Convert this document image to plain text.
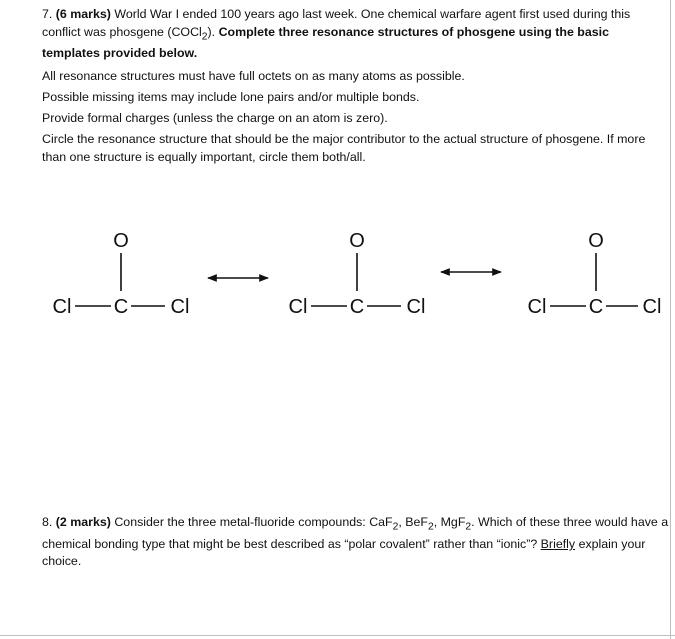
7. (6 marks) World War I ended 100 years ago last week. One chemical warfare agent first used during this conflict was phosgene (COCl$_2$). Complete three resonance structures of phosgene using the basic templates provided below.

All resonance structures must have full octets on as many atoms as possible.

Possible missing items may include lone pairs and/or multiple bonds.

Provide formal charges (unless the charge on an atom is zero).

Circle the resonance structure that should be the major contributor to the actual structure of phosgene. If more than one structure is equally important, circle them both/all.

O
Cl C Cl
O
Cl C Cl
O
Cl C Cl
8. (2 marks) Consider the three metal-fluoride compounds: CaF$_2$, BeF$_2$, MgF$_2$. Which of these three would have a chemical bonding type that might be best described as “polar covalent” rather than “ionic”? Briefly explain your choice.
